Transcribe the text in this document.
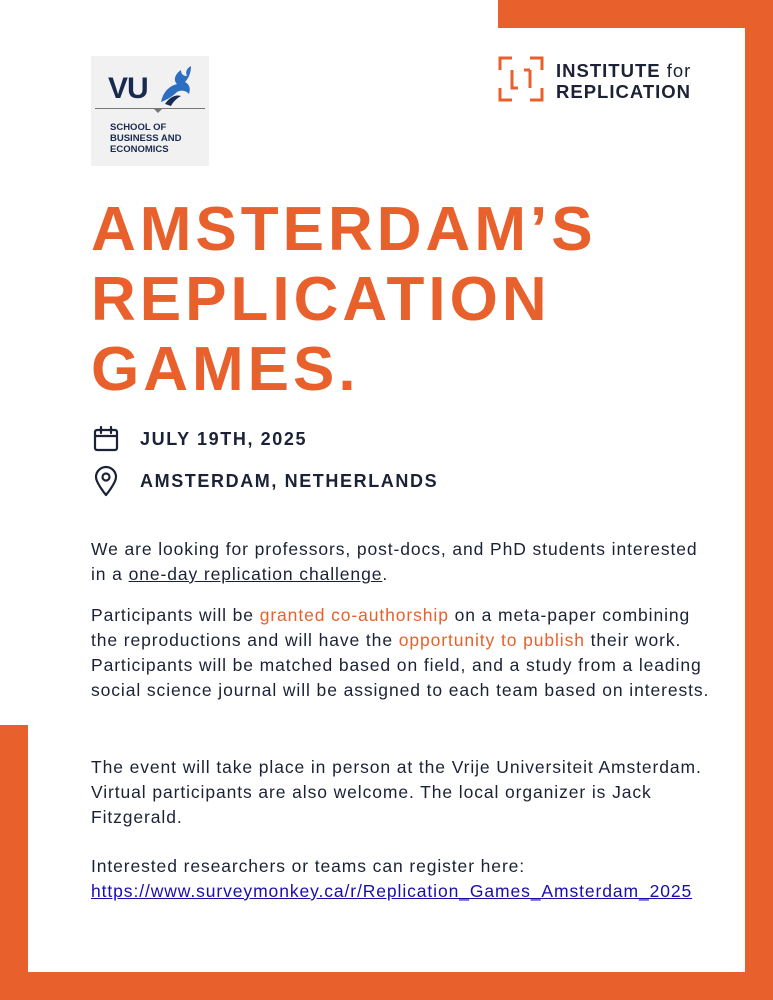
VU
SCHOOL OF
BUSINESS AND
ECONOMICS
INSTITUTE for
REPLICATION
AMSTERDAM’S
REPLICATION
GAMES.
JULY 19TH, 2025
AMSTERDAM, NETHERLANDS

We are looking for professors, post-docs, and PhD students interested in a one-day replication challenge.

Participants will be granted co-authorship on a meta-paper combining the reproductions and will have the opportunity to publish their work. Participants will be matched based on field, and a study from a leading social science journal will be assigned to each team based on interests.

The event will take place in person at the Vrije Universiteit Amsterdam. Virtual participants are also welcome. The local organizer is Jack Fitzgerald.

Interested researchers or teams can register here:
https://www.surveymonkey.ca/r/Replication_Games_Amsterdam_2025
